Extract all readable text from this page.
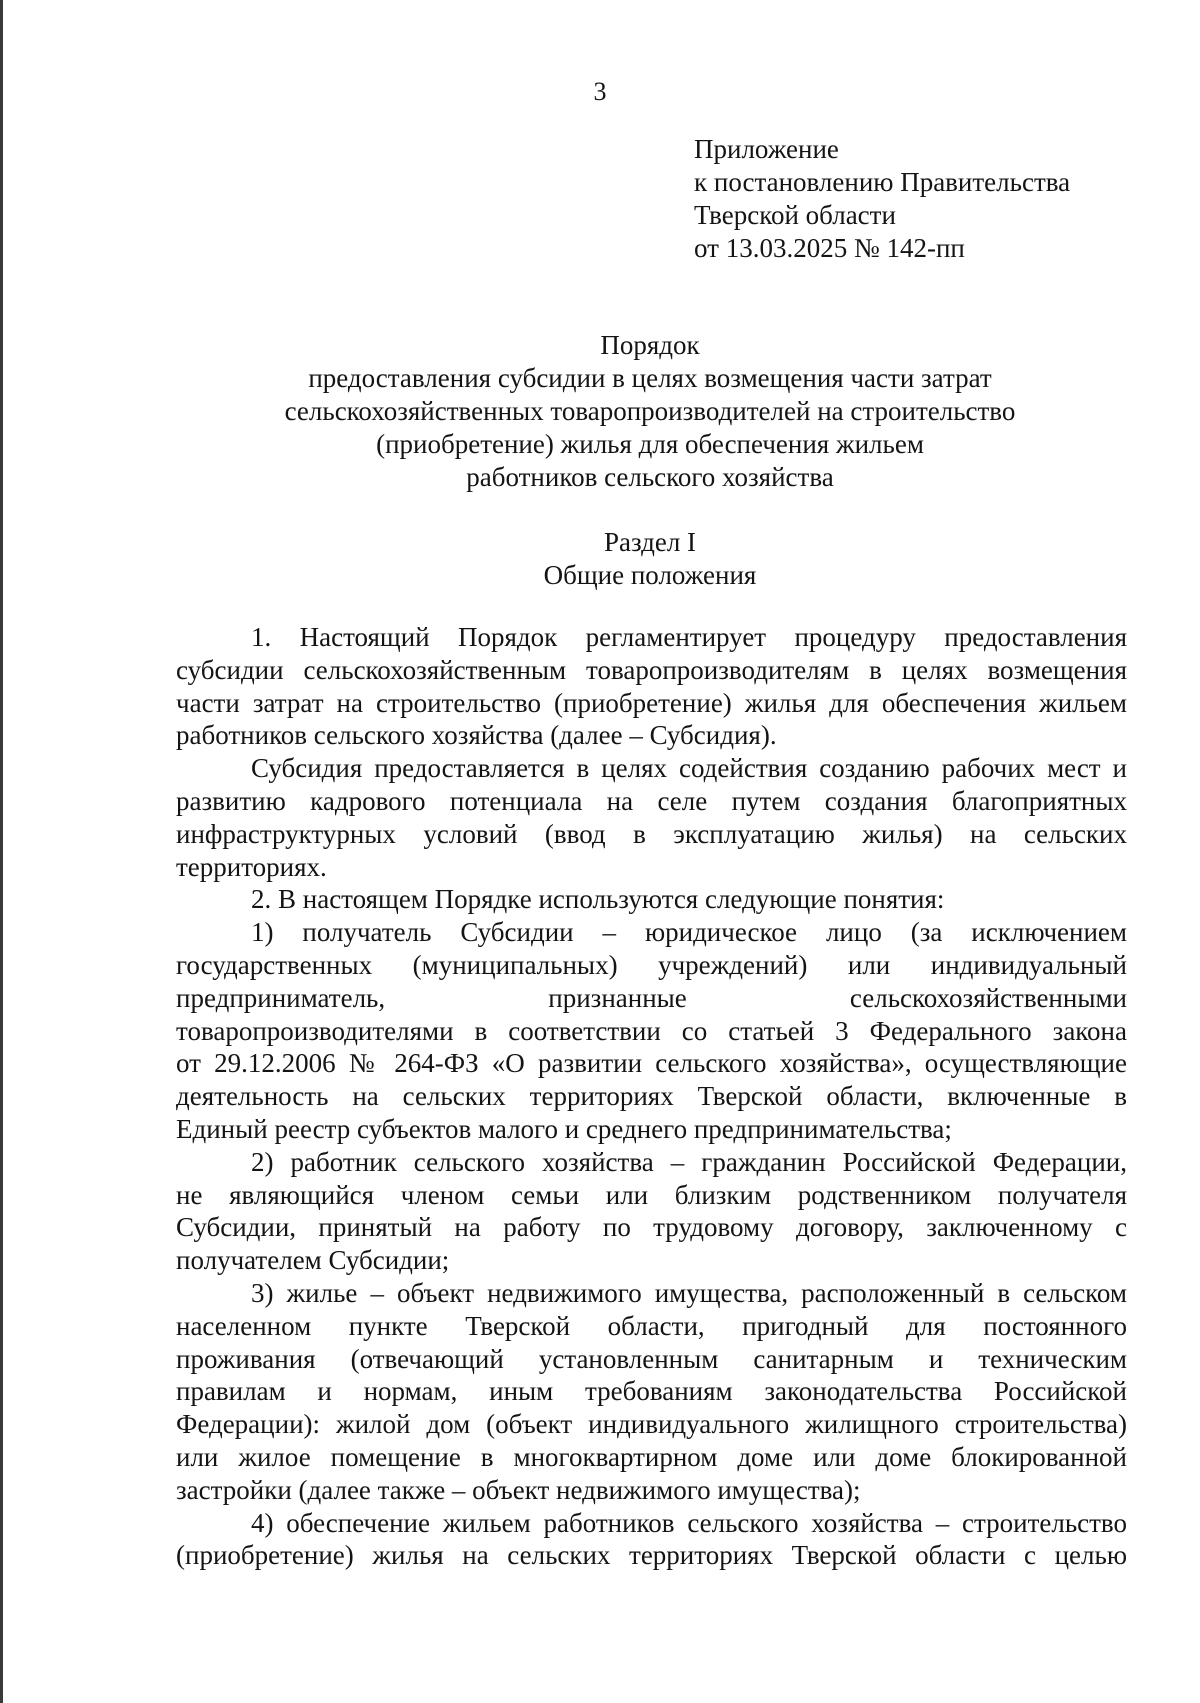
3
Приложение
к постановлению Правительства
Тверской области
от 13.03.2025 № 142-пп
Порядок
предоставления субсидии в целях возмещения части затрат
сельскохозяйственных товаропроизводителей на строительство
(приобретение) жилья для обеспечения жильем
работников сельского хозяйства
Раздел I
Общие положения
1. Настоящий Порядок регламентирует процедуру предоставления
субсидии сельскохозяйственным товаропроизводителям в целях возмещения
части затрат на строительство (приобретение) жилья для обеспечения жильем
работников сельского хозяйства (далее – Субсидия).
Субсидия предоставляется в целях содействия созданию рабочих мест и
развитию кадрового потенциала на селе путем создания благоприятных
инфраструктурных условий (ввод в эксплуатацию жилья) на сельских
территориях.
2. В настоящем Порядке используются следующие понятия:
1) получатель Субсидии – юридическое лицо (за исключением
государственных (муниципальных) учреждений) или индивидуальный
предприниматель, признанные сельскохозяйственными
товаропроизводителями в соответствии со статьей 3 Федерального закона
от 29.12.2006 № 264-ФЗ «О развитии сельского хозяйства», осуществляющие
деятельность на сельских территориях Тверской области, включенные в
Единый реестр субъектов малого и среднего предпринимательства;
2) работник сельского хозяйства – гражданин Российской Федерации,
не являющийся членом семьи или близким родственником получателя
Субсидии, принятый на работу по трудовому договору, заключенному с
получателем Субсидии;
3) жилье – объект недвижимого имущества, расположенный в сельском
населенном пункте Тверской области, пригодный для постоянного
проживания (отвечающий установленным санитарным и техническим
правилам и нормам, иным требованиям законодательства Российской
Федерации): жилой дом (объект индивидуального жилищного строительства)
или жилое помещение в многоквартирном доме или доме блокированной
застройки (далее также – объект недвижимого имущества);
4) обеспечение жильем работников сельского хозяйства – строительство
(приобретение) жилья на сельских территориях Тверской области с целью
